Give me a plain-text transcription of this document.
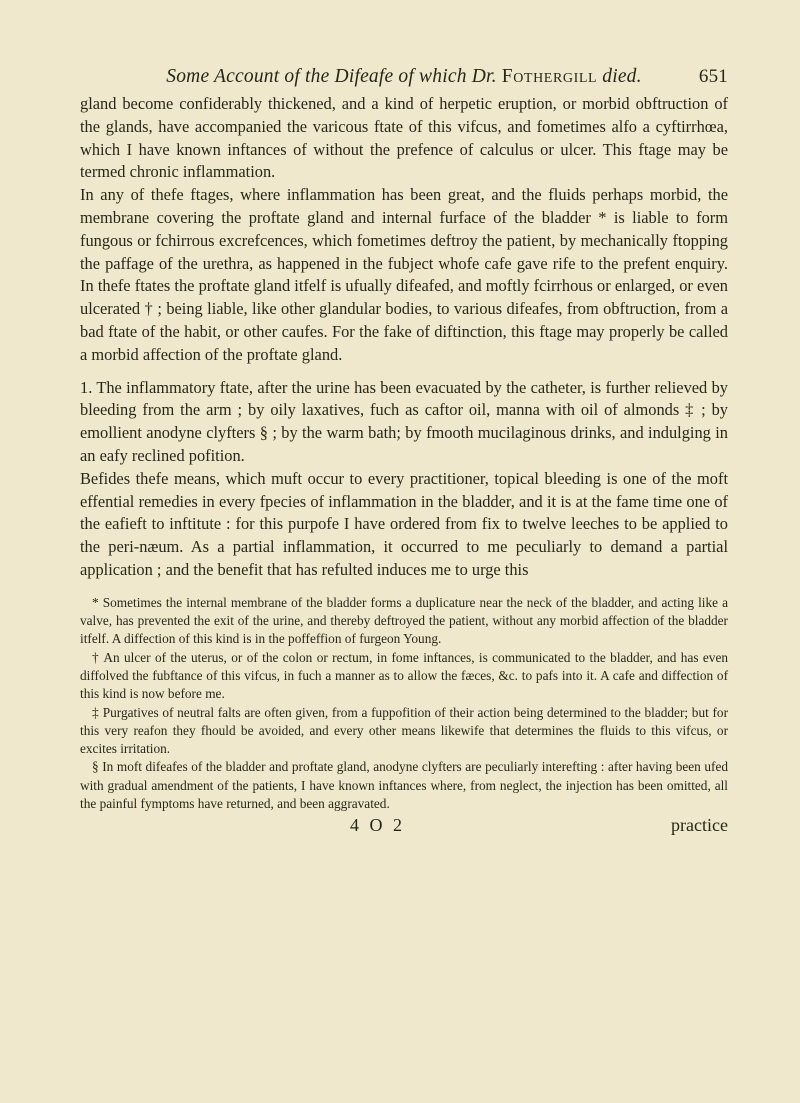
Some Account of the Difeafe of which Dr. Fothergill died.	651

gland become confiderably thickened, and a kind of herpetic eruption, or morbid obftruction of the glands, have accompanied the varicous ftate of this vifcus, and fometimes alfo a cyftirrhœa, which I have known inftances of without the prefence of calculus or ulcer. This ftage may be termed chronic inflammation.

In any of thefe ftages, where inflammation has been great, and the fluids perhaps morbid, the membrane covering the proftate gland and internal furface of the bladder * is liable to form fungous or fchirrous excrefcences, which fometimes deftroy the patient, by mechanically ftopping the paffage of the urethra, as happened in the fubject whofe cafe gave rife to the prefent enquiry. In thefe ftates the proftate gland itfelf is ufually difeafed, and moftly fcirrhous or enlarged, or even ulcerated † ; being liable, like other glandular bodies, to various difeafes, from obftruction, from a bad ftate of the habit, or other caufes. For the fake of diftinction, this ftage may properly be called a morbid affection of the proftate gland.

1. The inflammatory ftate, after the urine has been evacuated by the catheter, is further relieved by bleeding from the arm ; by oily laxatives, fuch as caftor oil, manna with oil of almonds ‡ ; by emollient anodyne clyfters § ; by the warm bath; by fmooth mucilaginous drinks, and indulging in an eafy reclined pofition.

Befides thefe means, which muft occur to every practitioner, topical bleeding is one of the moft effential remedies in every fpecies of inflammation in the bladder, and it is at the fame time one of the eafieft to inftitute : for this purpofe I have ordered from fix to twelve leeches to be applied to the peri-næum. As a partial inflammation, it occurred to me peculiarly to demand a partial application ; and the benefit that has refulted induces me to urge this

* Sometimes the internal membrane of the bladder forms a duplicature near the neck of the bladder, and acting like a valve, has prevented the exit of the urine, and thereby deftroyed the patient, without any morbid affection of the bladder itfelf. A diffection of this kind is in the poffeffion of furgeon Young.

† An ulcer of the uterus, or of the colon or rectum, in fome inftances, is communicated to the bladder, and has even diffolved the fubftance of this vifcus, in fuch a manner as to allow the fæces, &c. to pafs into it. A cafe and diffection of this kind is now before me.

‡ Purgatives of neutral falts are often given, from a fuppofition of their action being determined to the bladder; but for this very reafon they fhould be avoided, and every other means likewife that determines the fluids to this vifcus, or excites irritation.

§ In moft difeafes of the bladder and proftate gland, anodyne clyfters are peculiarly interefting : after having been ufed with gradual amendment of the patients, I have known inftances where, from neglect, the injection has been omitted, all the painful fymptoms have returned, and been aggravated.

4 O 2	practice
